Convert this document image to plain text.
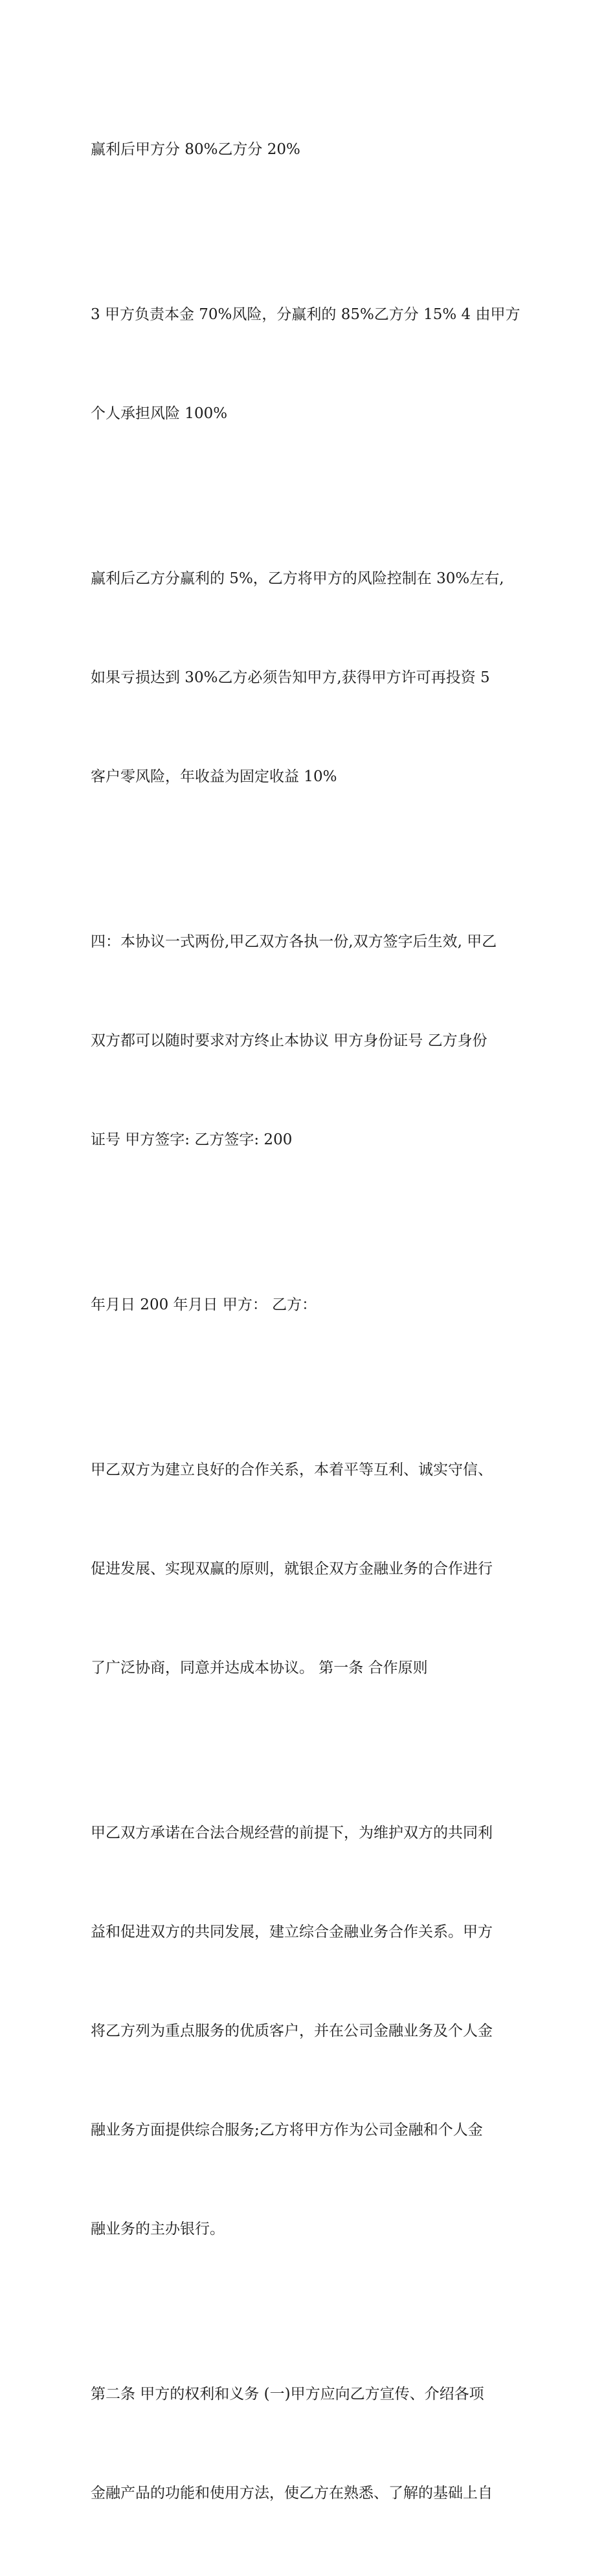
赢利后甲方分 80%乙方分 20%

3 甲方负责本金 70%风险，分赢利的 85%乙方分 15% 4 由甲方

个人承担风险 100%

赢利后乙方分赢利的 5%，乙方将甲方的风险控制在 30%左右,

如果亏损达到 30%乙方必须告知甲方,获得甲方许可再投资 5

客户零风险，年收益为固定收益 10%

四：本协议一式两份,甲乙双方各执一份,双方签字后生效, 甲乙

双方都可以随时要求对方终止本协议 甲方身份证号 乙方身份

证号 甲方签字: 乙方签字: 200

年月日 200 年月日 甲方： 乙方：

甲乙双方为建立良好的合作关系，本着平等互利、诚实守信、

促进发展、实现双赢的原则，就银企双方金融业务的合作进行

了广泛协商，同意并达成本协议。 第一条 合作原则

甲乙双方承诺在合法合规经营的前提下，为维护双方的共同利

益和促进双方的共同发展，建立综合金融业务合作关系。甲方

将乙方列为重点服务的优质客户，并在公司金融业务及个人金

融业务方面提供综合服务;乙方将甲方作为公司金融和个人金

融业务的主办银行。

第二条 甲方的权利和义务 (一)甲方应向乙方宣传、介绍各项

金融产品的功能和使用方法，使乙方在熟悉、了解的基础上自
